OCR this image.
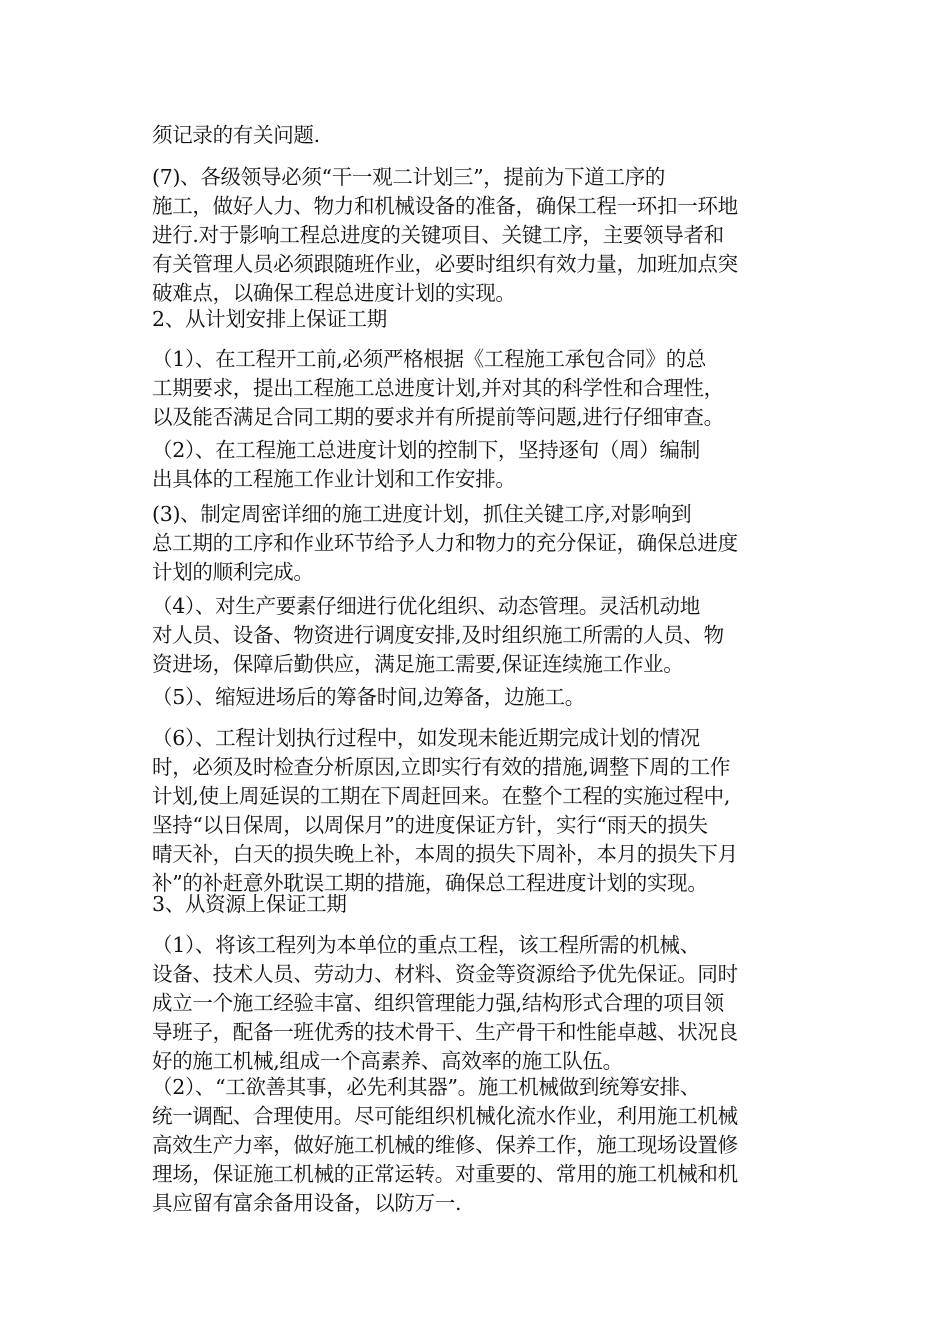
须记录的有关问题.

(7)、各级领导必须“干一观二计划三”，提前为下道工序的
施工，做好人力、物力和机械设备的准备，确保工程一环扣一环地
进行.对于影响工程总进度的关键项目、关键工序，主要领导者和
有关管理人员必须跟随班作业，必要时组织有效力量，加班加点突
破难点，以确保工程总进度计划的实现。

2、从计划安排上保证工期

（1）、在工程开工前,必须严格根据《工程施工承包合同》的总
工期要求，提出工程施工总进度计划,并对其的科学性和合理性，
以及能否满足合同工期的要求并有所提前等问题,进行仔细审查。

（2）、在工程施工总进度计划的控制下，坚持逐旬（周）编制
出具体的工程施工作业计划和工作安排。

(3)、制定周密详细的施工进度计划，抓住关键工序,对影响到
总工期的工序和作业环节给予人力和物力的充分保证，确保总进度
计划的顺利完成。

（4）、对生产要素仔细进行优化组织、动态管理。灵活机动地
对人员、设备、物资进行调度安排,及时组织施工所需的人员、物
资进场，保障后勤供应，满足施工需要,保证连续施工作业。

（5）、缩短进场后的筹备时间,边筹备，边施工。

（6）、工程计划执行过程中，如发现未能近期完成计划的情况
时，必须及时检查分析原因,立即实行有效的措施,调整下周的工作
计划,使上周延误的工期在下周赶回来。在整个工程的实施过程中,
坚持“以日保周，以周保月”的进度保证方针，实行“雨天的损失
晴天补，白天的损失晚上补，本周的损失下周补，本月的损失下月
补”的补赶意外耽误工期的措施，确保总工程进度计划的实现。

3、从资源上保证工期

（1）、将该工程列为本单位的重点工程，该工程所需的机械、
设备、技术人员、劳动力、材料、资金等资源给予优先保证。同时
成立一个施工经验丰富、组织管理能力强,结构形式合理的项目领
导班子，配备一班优秀的技术骨干、生产骨干和性能卓越、状况良
好的施工机械,组成一个高素养、高效率的施工队伍。

（2）、“工欲善其事，必先利其器”。施工机械做到统筹安排、
统一调配、合理使用。尽可能组织机械化流水作业，利用施工机械
高效生产力率，做好施工机械的维修、保养工作，施工现场设置修
理场，保证施工机械的正常运转。对重要的、常用的施工机械和机
具应留有富余备用设备，以防万一.
